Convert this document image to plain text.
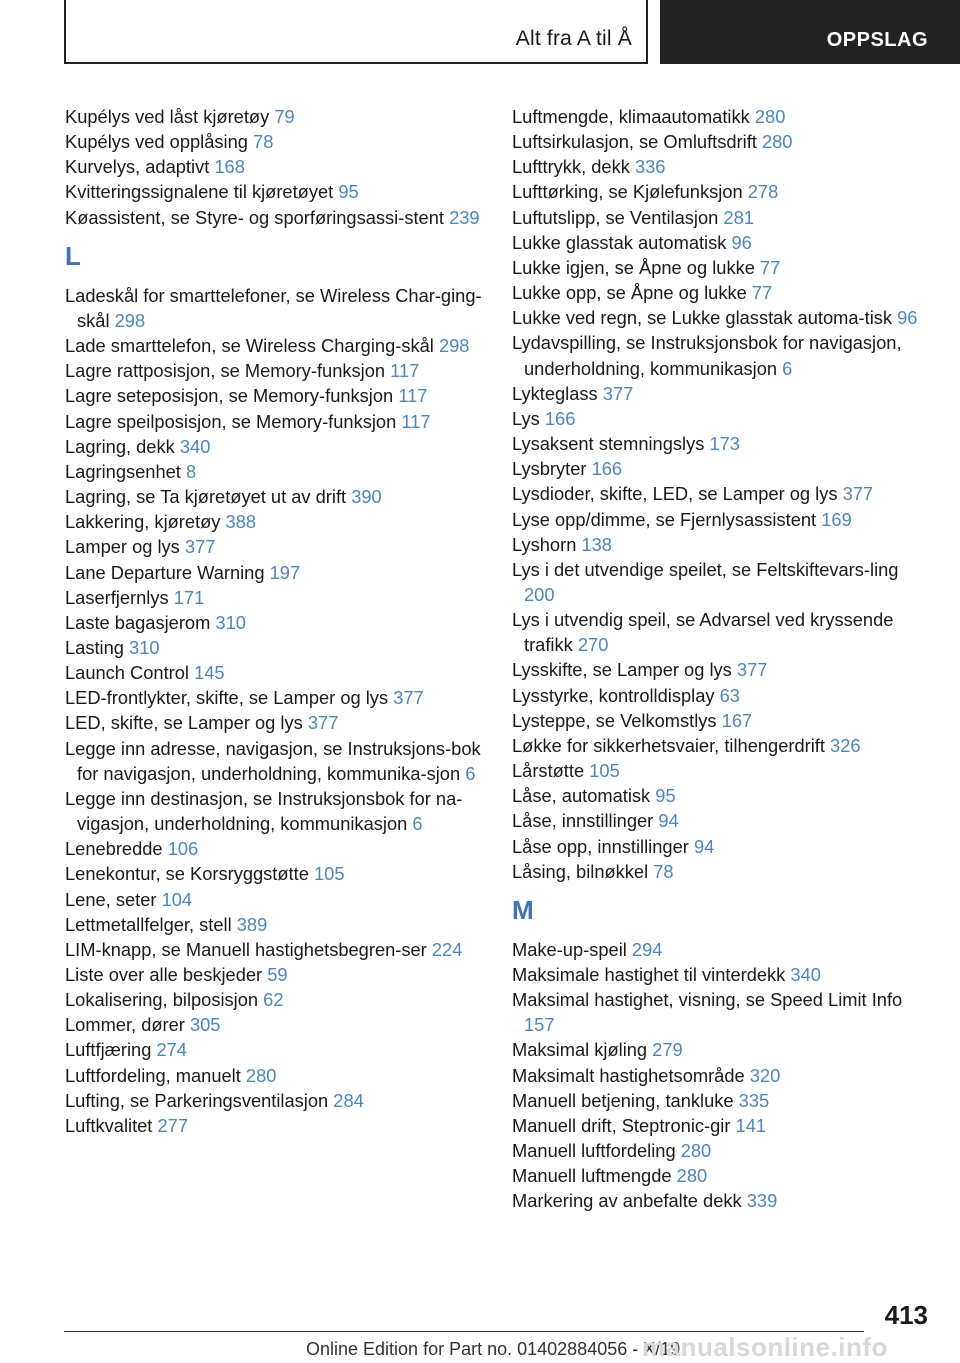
Alt fra A til Å	OPPSLAG
Kupélys ved låst kjøretøy 79
Kupélys ved opplåsing 78
Kurvelys, adaptivt 168
Kvitteringssignalene til kjøretøyet 95
Køassistent, se Styre- og sporføringsassi-stent 239
L
Ladeskål for smarttelefoner, se Wireless Char-ging-skål 298
Lade smarttelefon, se Wireless Charging-skål 298
Lagre rattposisjon, se Memory-funksjon 117
Lagre seteposisjon, se Memory-funksjon 117
Lagre speilposisjon, se Memory-funksjon 117
Lagring, dekk 340
Lagringsenhet 8
Lagring, se Ta kjøretøyet ut av drift 390
Lakkering, kjøretøy 388
Lamper og lys 377
Lane Departure Warning 197
Laserfjernlys 171
Laste bagasjerom 310
Lasting 310
Launch Control 145
LED-frontlykter, skifte, se Lamper og lys 377
LED, skifte, se Lamper og lys 377
Legge inn adresse, navigasjon, se Instruksjons-bok for navigasjon, underholdning, kommunika-sjon 6
Legge inn destinasjon, se Instruksjonsbok for na-vigasjon, underholdning, kommunikasjon 6
Lenebredde 106
Lenekontur, se Korsryggstøtte 105
Lene, seter 104
Lettmetallfelger, stell 389
LIM-knapp, se Manuell hastighetsbegren-ser 224
Liste over alle beskjeder 59
Lokalisering, bilposisjon 62
Lommer, dører 305
Luftfjæring 274
Luftfordeling, manuelt 280
Lufting, se Parkeringsventilasjon 284
Luftkvalitet 277
Luftmengde, klimaautomatikk 280
Luftsirkulasjon, se Omluftsdrift 280
Lufttrykk, dekk 336
Lufttørking, se Kjølefunksjon 278
Luftutslipp, se Ventilasjon 281
Lukke glasstak automatisk 96
Lukke igjen, se Åpne og lukke 77
Lukke opp, se Åpne og lukke 77
Lukke ved regn, se Lukke glasstak automa-tisk 96
Lydavspilling, se Instruksjonsbok for navigasjon, underholdning, kommunikasjon 6
Lykteglass 377
Lys 166
Lysaksent stemningslys 173
Lysbryter 166
Lysdioder, skifte, LED, se Lamper og lys 377
Lyse opp/dimme, se Fjernlysassistent 169
Lyshorn 138
Lys i det utvendige speilet, se Feltskiftevars-ling 200
Lys i utvendig speil, se Advarsel ved kryssende trafikk 270
Lysskifte, se Lamper og lys 377
Lysstyrke, kontrolldisplay 63
Lysteppe, se Velkomstlys 167
Løkke for sikkerhetsvaier, tilhengerdrift 326
Lårstøtte 105
Låse, automatisk 95
Låse, innstillinger 94
Låse opp, innstillinger 94
Låsing, bilnøkkel 78
M
Make-up-speil 294
Maksimale hastighet til vinterdekk 340
Maksimal hastighet, visning, se Speed Limit Info 157
Maksimal kjøling 279
Maksimalt hastighetsområde 320
Manuell betjening, tankluke 335
Manuell drift, Steptronic-gir 141
Manuell luftfordeling 280
Manuell luftmengde 280
Markering av anbefalte dekk 339
413
Online Edition for Part no. 01402884056 - X/19
manualsonline.info
